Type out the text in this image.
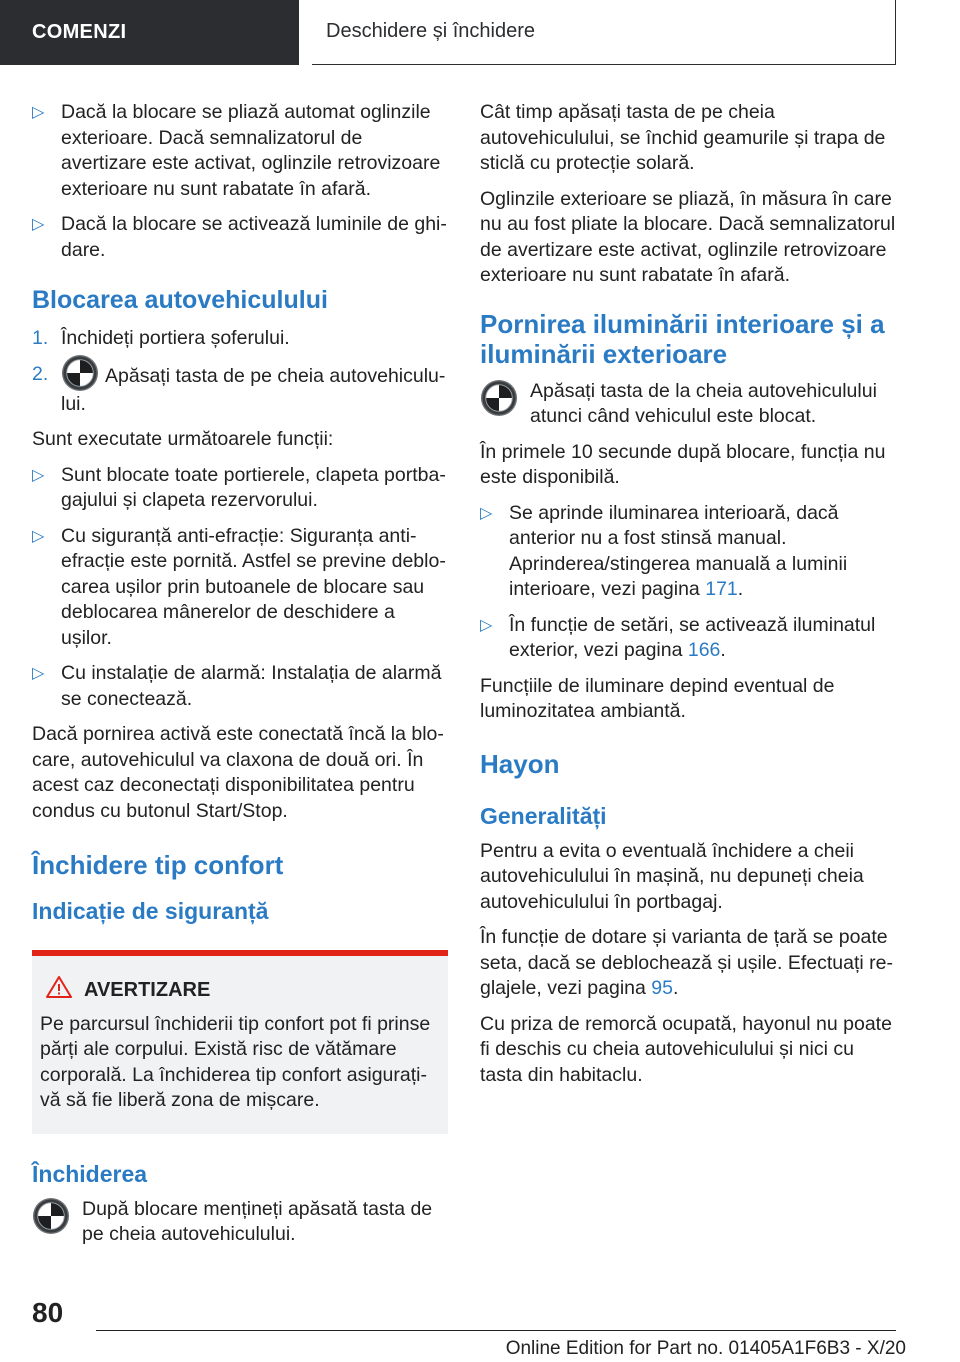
COMENZI	Deschidere și închidere
▷ Dacă la blocare se pliază automat oglinzile exterioare. Dacă semnalizatorul de avertizare este activat, oglinzile retrovizoare exterioare nu sunt rabatate în afară.
▷ Dacă la blocare se activează luminile de ghidare.
Blocarea autovehiculului
1. Închideți portiera șoferului.
2.	Apăsați tasta de pe cheia autovehiculului.

Sunt executate următoarele funcții:

▷ Sunt blocate toate portierele, clapeta portbagajului și clapeta rezervorului.
▷ Cu siguranță anti-efracție: Siguranța anti-efracție este pornită. Astfel se previne deblocarea ușilor prin butoanele de blocare sau deblocarea mânerelor de deschidere a ușilor.
▷ Cu instalație de alarmă: Instalația de alarmă se conectează.

Dacă pornirea activă este conectată încă la blocare, autovehiculul va claxona de două ori. În acest caz deconectați disponibilitatea pentru condus cu butonul Start/Stop.

Închidere tip confort
Indicație de siguranță
AVERTIZARE
Pe parcursul închiderii tip confort pot fi prinse părți ale corpului. Există risc de vătămare corporală. La închiderea tip confort asigurați-vă să fie liberă zona de mișcare.
Închiderea
După blocare mențineți apăsată tasta de pe cheia autovehiculului.

Cât timp apăsați tasta de pe cheia autovehiculului, se închid geamurile și trapa de sticlă cu protecție solară.

Oglinzile exterioare se pliază, în măsura în care nu au fost pliate la blocare. Dacă semnalizatorul de avertizare este activat, oglinzile retrovizoare exterioare nu sunt rabatate în afară.

Pornirea iluminării interioare și a iluminării exterioare
Apăsați tasta de la cheia autovehiculului atunci când vehiculul este blocat.

În primele 10 secunde după blocare, funcția nu este disponibilă.

▷ Se aprinde iluminarea interioară, dacă anterior nu a fost stinsă manual. Aprinderea/stingerea manuală a luminii interioare, vezi pagina 171.
▷ În funcție de setări, se activează iluminatul exterior, vezi pagina 166.

Funcțiile de iluminare depind eventual de luminozitatea ambiantă.

Hayon
Generalități

Pentru a evita o eventuală închidere a cheii autovehiculului în mașină, nu depuneți cheia autovehiculului în portbagaj.

În funcție de dotare și varianta de țară se poate seta, dacă se deblochează și ușile. Efectuați reglajele, vezi pagina 95.

Cu priza de remorcă ocupată, hayonul nu poate fi deschis cu cheia autovehiculului și nici cu tasta din habitaclu.

80
Online Edition for Part no. 01405A1F6B3 - X/20
